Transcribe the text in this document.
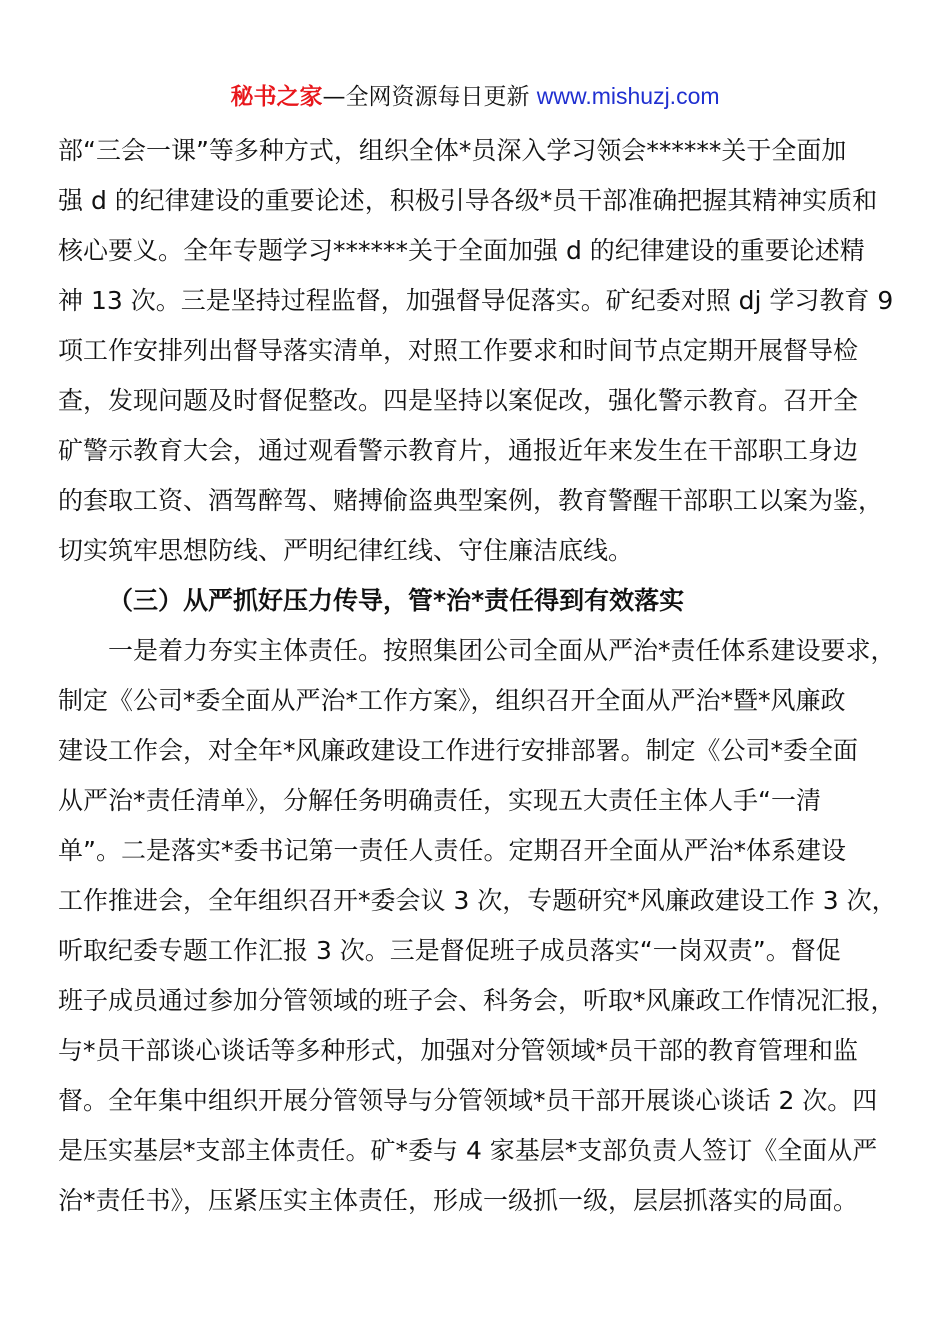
秘书之家—全网资源每日更新 www.mishuzj.com
部“三会一课”等多种方式，组织全体*员深入学习领会******关于全面加
强 d 的纪律建设的重要论述，积极引导各级*员干部准确把握其精神实质和
核心要义。全年专题学习******关于全面加强 d 的纪律建设的重要论述精
神 13 次。三是坚持过程监督，加强督导促落实。矿纪委对照 dj 学习教育 9
项工作安排列出督导落实清单，对照工作要求和时间节点定期开展督导检
查，发现问题及时督促整改。四是坚持以案促改，强化警示教育。召开全
矿警示教育大会，通过观看警示教育片，通报近年来发生在干部职工身边
的套取工资、酒驾醉驾、赌搏偷盗典型案例，教育警醒干部职工以案为鉴，
切实筑牢思想防线、严明纪律红线、守住廉洁底线。
（三）从严抓好压力传导，管*治*责任得到有效落实
一是着力夯实主体责任。按照集团公司全面从严治*责任体系建设要求，
制定《公司*委全面从严治*工作方案》，组织召开全面从严治*暨*风廉政
建设工作会，对全年*风廉政建设工作进行安排部署。制定《公司*委全面
从严治*责任清单》，分解任务明确责任，实现五大责任主体人手“一清
单”。二是落实*委书记第一责任人责任。定期召开全面从严治*体系建设
工作推进会，全年组织召开*委会议 3 次，专题研究*风廉政建设工作 3 次，
听取纪委专题工作汇报 3 次。三是督促班子成员落实“一岗双责”。督促
班子成员通过参加分管领域的班子会、科务会，听取*风廉政工作情况汇报，
与*员干部谈心谈话等多种形式，加强对分管领域*员干部的教育管理和监
督。全年集中组织开展分管领导与分管领域*员干部开展谈心谈话 2 次。四
是压实基层*支部主体责任。矿*委与 4 家基层*支部负责人签订《全面从严
治*责任书》，压紧压实主体责任，形成一级抓一级，层层抓落实的局面。
